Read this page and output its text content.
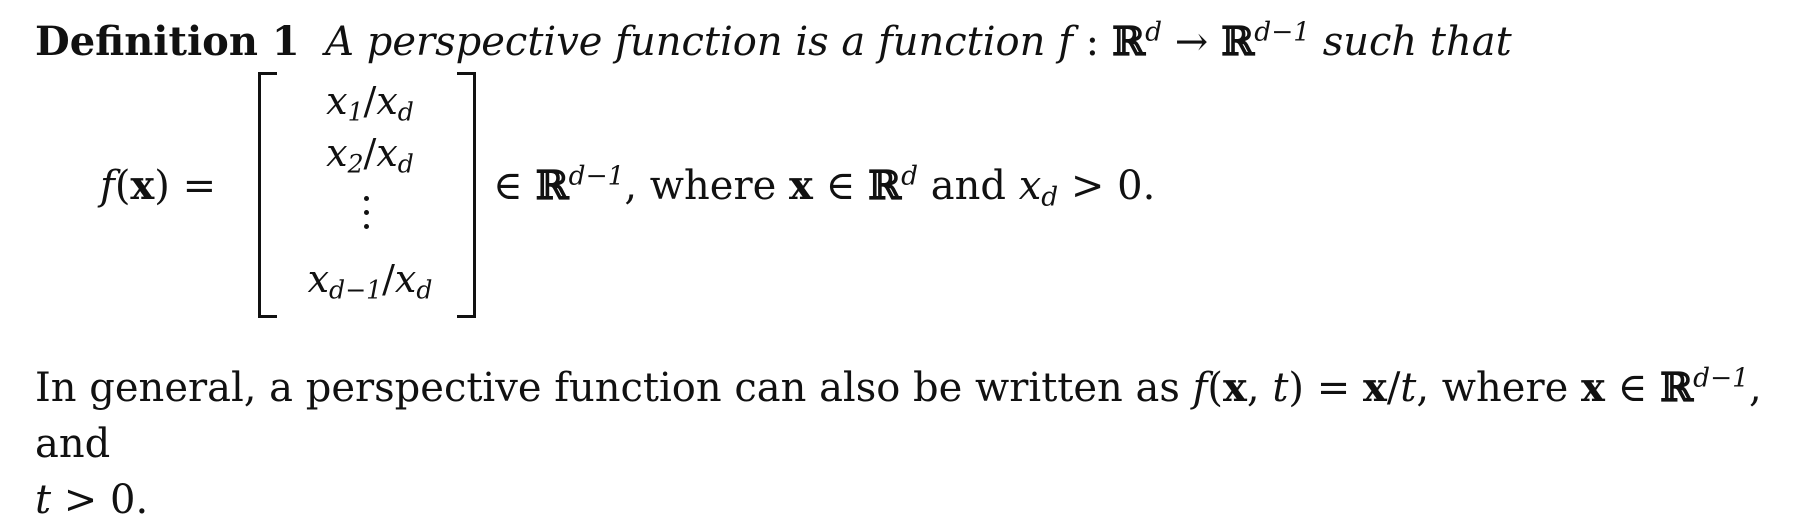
Definition 1 A perspective function is a function f : ℝ$^d$ → ℝ$^{d-1}$ such that
f(x) =
$x_1/x_d$
$x_2/x_d$
$x_{d-1}/x_d$
∈ ℝ$^{d-1}$, where x ∈ ℝ$^d$ and $x_d > 0$.
In general, a perspective function can also be written as f(x, t) = x/t, where x ∈ ℝ$^{d-1}$, and
t > 0.
